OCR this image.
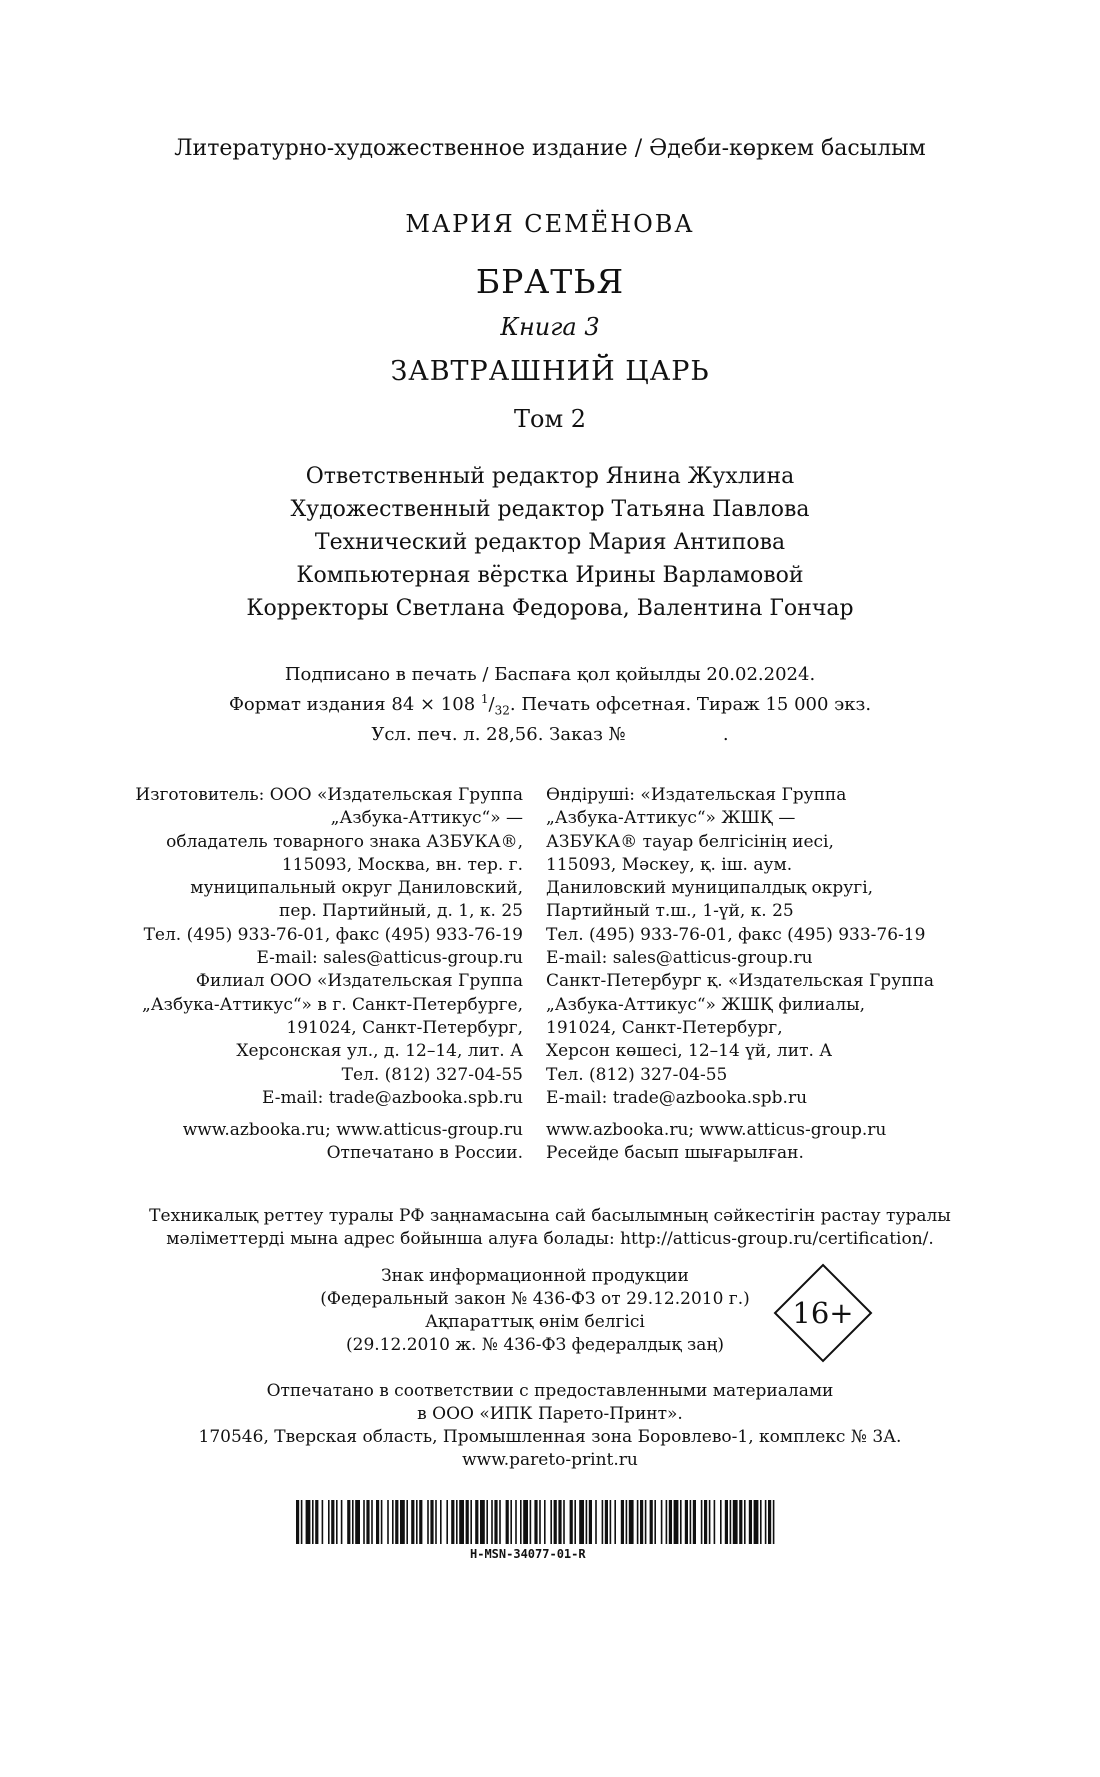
Литературно-художественное издание / Әдеби-көркем басылым
МАРИЯ СЕМЁНОВА
БРАТЬЯ
Книга 3
ЗАВТРАШНИЙ ЦАРЬ
Том 2
Ответственный редактор Янина Жухлина
Художественный редактор Татьяна Павлова
Технический редактор Мария Антипова
Компьютерная вёрстка Ирины Варламовой
Корректоры Светлана Федорова, Валентина Гончар
Подписано в печать / Баспаға қол қойылды 20.02.2024.
Формат издания 84 × 108 $^1/_{32}$. Печать офсетная. Тираж 15 000 экз.
Усл. печ. л. 28,56. Заказ №                 .
Изготовитель: ООО «Издательская Группа
„Азбука-Аттикус“» —
обладатель товарного знака АЗБУКА®,
115093, Москва, вн. тер. г.
муниципальный округ Даниловский,
пер. Партийный, д. 1, к. 25
Тел. (495) 933-76-01, факс (495) 933-76-19
E-mail: sales@atticus-group.ru
Филиал ООО «Издательская Группа
„Азбука-Аттикус“» в г. Санкт-Петербурге,
191024, Санкт-Петербург,
Херсонская ул., д. 12–14, лит. А
Тел. (812) 327-04-55
E-mail: trade@azbooka.spb.ru
www.azbooka.ru; www.atticus-group.ru
Отпечатано в России.
Өндіруші: «Издательская Группа
„Азбука-Аттикус“» ЖШҚ —
АЗБУКА® тауар белгісінің иесі,
115093, Мәскеу, қ. іш. аум.
Даниловский муниципалдық округі,
Партийный т.ш., 1-үй, к. 25
Тел. (495) 933-76-01, факс (495) 933-76-19
E-mail: sales@atticus-group.ru
Санкт-Петербург қ. «Издательская Группа
„Азбука-Аттикус“» ЖШҚ филиалы,
191024, Санкт-Петербург,
Херсон көшесі, 12–14 үй, лит. А
Тел. (812) 327-04-55
E-mail: trade@azbooka.spb.ru
www.azbooka.ru; www.atticus-group.ru
Ресейде басып шығарылған.
Техникалық реттеу туралы РФ заңнамасына сай басылымның сәйкестігін растау туралы
мәліметтерді мына адрес бойынша алуға болады: http://atticus-group.ru/certification/.
Знак информационной продукции
(Федеральный закон № 436-ФЗ от 29.12.2010 г.)
Ақпараттық өнім белгісі
(29.12.2010 ж. № 436-ФЗ федералдық заң)
16+
Отпечатано в соответствии с предоставленными материалами
в ООО «ИПК Парето-Принт».
170546, Тверская область, Промышленная зона Боровлево-1, комплекс № 3А.
www.pareto-print.ru
H-MSN-34077-01-R
